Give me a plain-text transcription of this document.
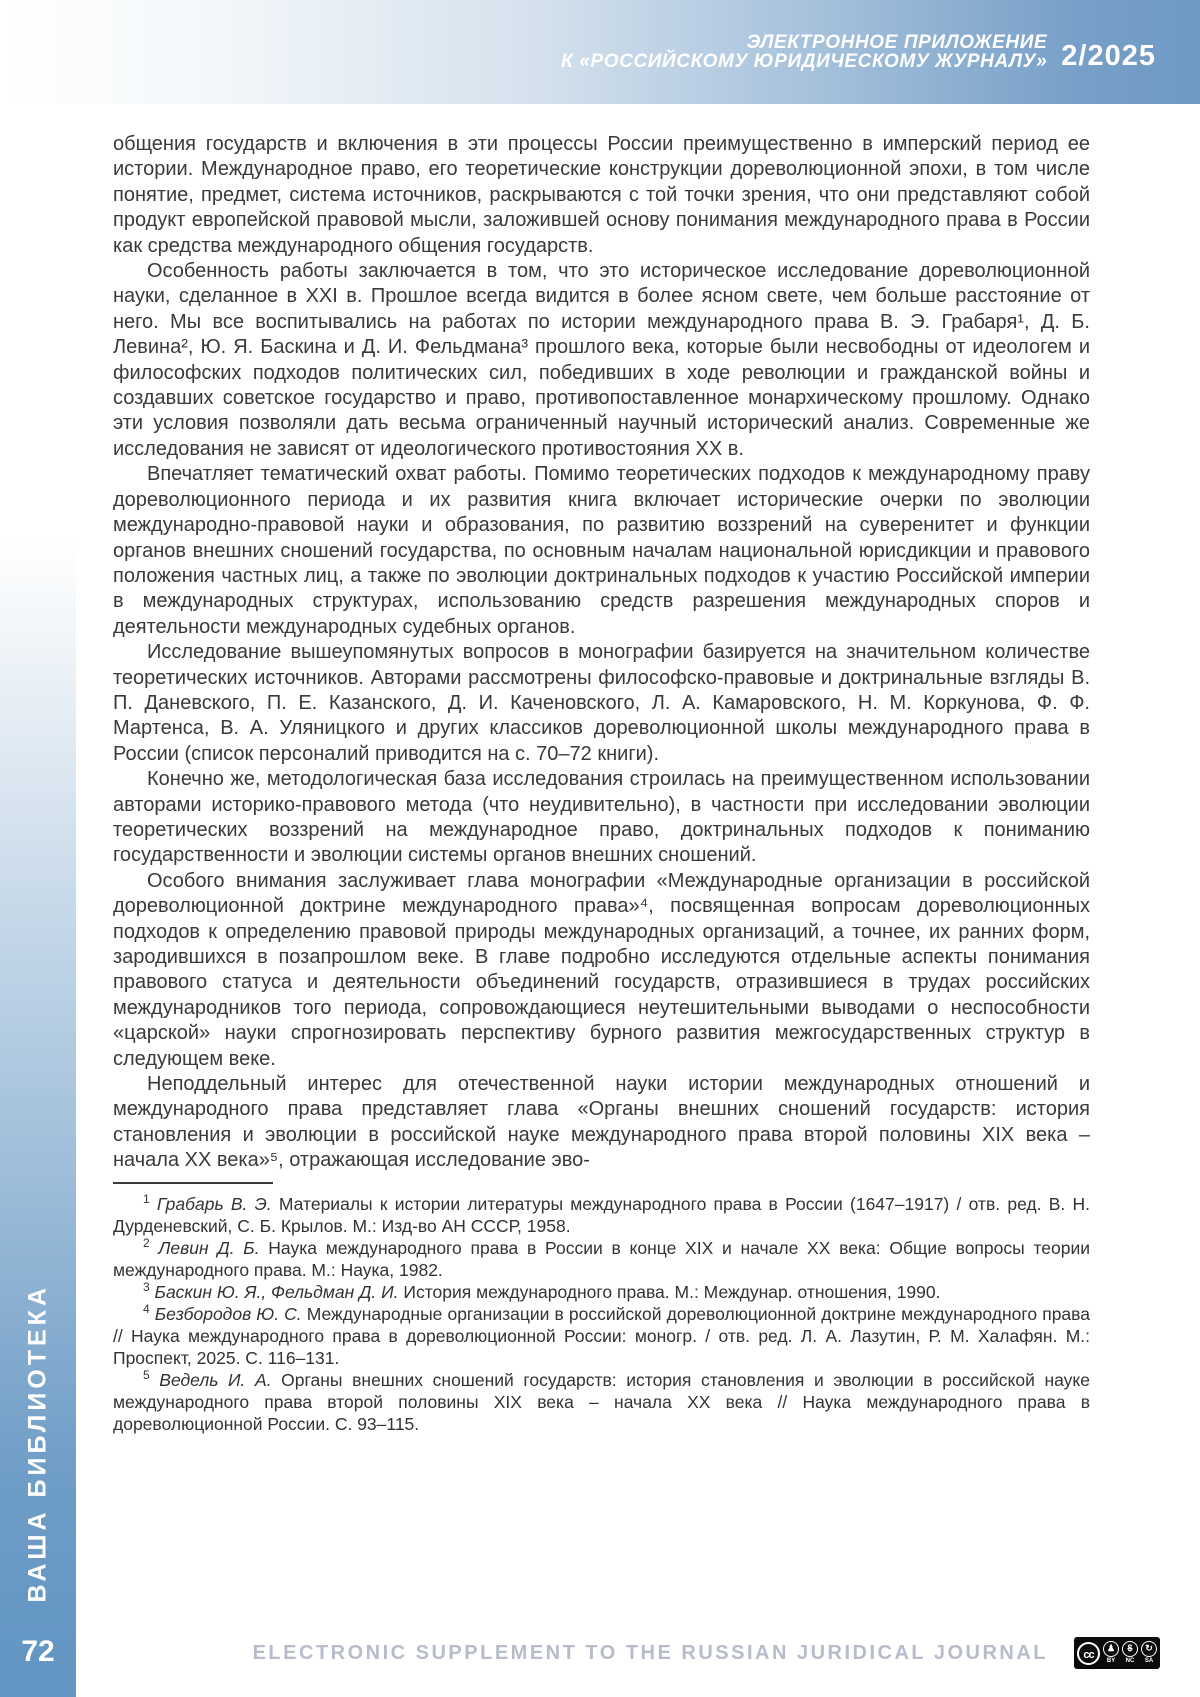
ЭЛЕКТРОННОЕ ПРИЛОЖЕНИЕ
К «РОССИЙСКОМУ ЮРИДИЧЕСКОМУ ЖУРНАЛУ» 2/2025
ВАША БИБЛИОТЕКА
72

общения государств и включения в эти процессы России преимущественно в имперский период ее истории. Международное право, его теоретические конструкции дореволюционной эпохи, в том числе понятие, предмет, система источников, раскрываются с той точки зрения, что они представляют собой продукт европейской правовой мысли, заложившей основу понимания международного права в России как средства международного общения государств.

Особенность работы заключается в том, что это историческое исследование дореволюционной науки, сделанное в XXI в. Прошлое всегда видится в более ясном свете, чем больше расстояние от него. Мы все воспитывались на работах по истории международного права В. Э. Грабаря¹, Д. Б. Левина², Ю. Я. Баскина и Д. И. Фельдмана³ прошлого века, которые были несвободны от идеологем и философских подходов политических сил, победивших в ходе революции и гражданской войны и создавших советское государство и право, противопоставленное монархическому прошлому. Однако эти условия позволяли дать весьма ограниченный научный исторический анализ. Современные же исследования не зависят от идеологического противостояния XX в.

Впечатляет тематический охват работы. Помимо теоретических подходов к международному праву дореволюционного периода и их развития книга включает исторические очерки по эволюции международно-правовой науки и образования, по развитию воззрений на суверенитет и функции органов внешних сношений государства, по основным началам национальной юрисдикции и правового положения частных лиц, а также по эволюции доктринальных подходов к участию Российской империи в международных структурах, использованию средств разрешения международных споров и деятельности международных судебных органов.

Исследование вышеупомянутых вопросов в монографии базируется на значительном количестве теоретических источников. Авторами рассмотрены философско-правовые и доктринальные взгляды В. П. Даневского, П. Е. Казанского, Д. И. Каченовского, Л. А. Камаровского, Н. М. Коркунова, Ф. Ф. Мартенса, В. А. Уляницкого и других классиков дореволюционной школы международного права в России (список персоналий приводится на с. 70–72 книги).

Конечно же, методологическая база исследования строилась на преимущественном использовании авторами историко-правового метода (что неудивительно), в частности при исследовании эволюции теоретических воззрений на международное право, доктринальных подходов к пониманию государственности и эволюции системы органов внешних сношений.

Особого внимания заслуживает глава монографии «Международные организации в российской дореволюционной доктрине международного права»⁴, посвященная вопросам дореволюционных подходов к определению правовой природы международных организаций, а точнее, их ранних форм, зародившихся в позапрошлом веке. В главе подробно исследуются отдельные аспекты понимания правового статуса и деятельности объединений государств, отразившиеся в трудах российских международников того периода, сопровождающиеся неутешительными выводами о неспособности «царской» науки спрогнозировать перспективу бурного развития межгосударственных структур в следующем веке.

Неподдельный интерес для отечественной науки истории международных отношений и международного права представляет глава «Органы внешних сношений государств: история становления и эволюции в российской науке международного права второй половины XIX века – начала XX века»⁵, отражающая исследование эво-

$^1$ Грабарь В. Э. Материалы к истории литературы международного права в России (1647–1917) / отв. ред. В. Н. Дурденевский, С. Б. Крылов. М.: Изд-во АН СССР, 1958.

$^2$ Левин Д. Б. Наука международного права в России в конце XIX и начале XX века: Общие вопросы теории международного права. М.: Наука, 1982.

$^3$ Баскин Ю. Я., Фельдман Д. И. История международного права. М.: Междунар. отношения, 1990.

$^4$ Безбородов Ю. С. Международные организации в российской дореволюционной доктрине международного права // Наука международного права в дореволюционной России: моногр. / отв. ред. Л. А. Лазутин, Р. М. Халафян. М.: Проспект, 2025. С. 116–131.

$^5$ Ведель И. А. Органы внешних сношений государств: история становления и эволюции в российской науке международного права второй половины XIX века – начала XX века // Наука международного права в дореволюционной России. С. 93–115.

ELECTRONIC SUPPLEMENT TO THE RUSSIAN JURIDICAL JOURNAL	cc
♟
BY
$
NC
↻
SA
